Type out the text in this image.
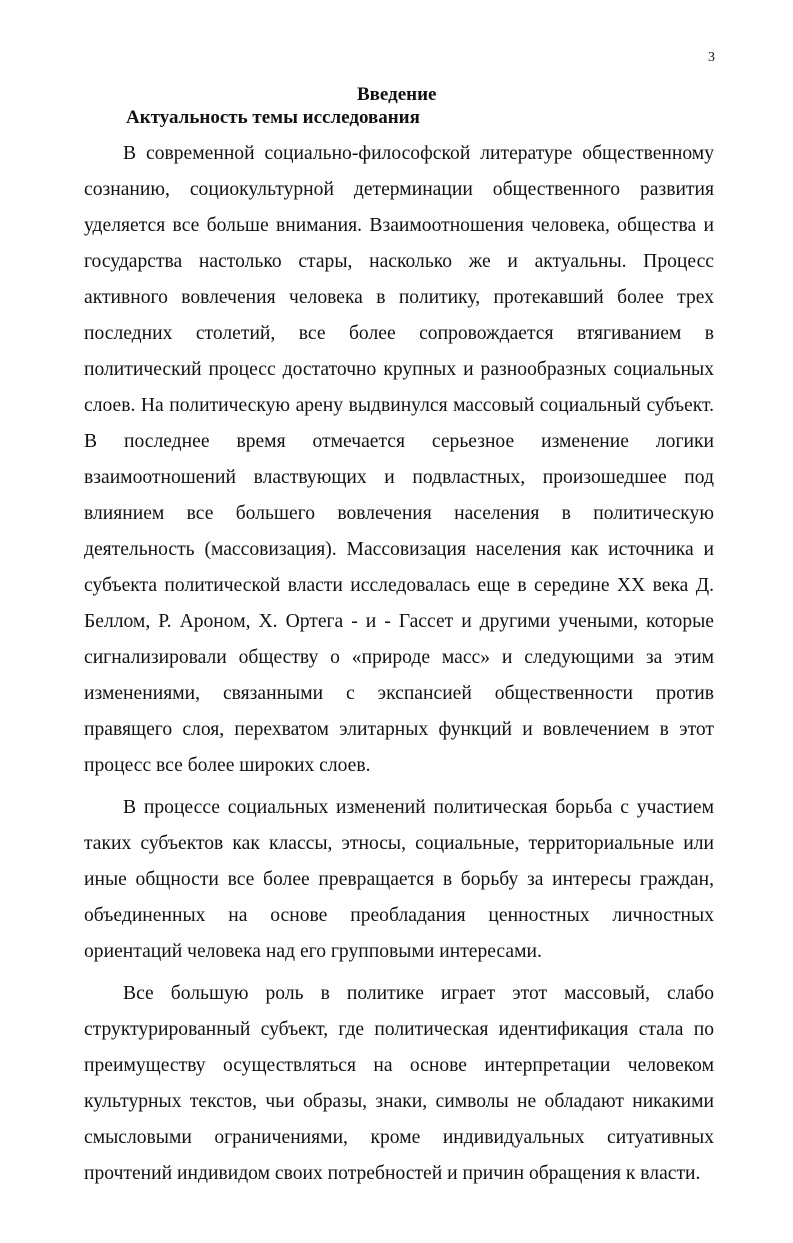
3
Введение
Актуальность темы исследования

В современной социально-философской литературе общественному сознанию, социокультурной детерминации общественного развития уделяется все больше внимания. Взаимоотношения человека, общества и государства настолько стары, насколько же и актуальны. Процесс активного вовлечения человека в политику, протекавший более трех последних столетий, все более сопровождается втягиванием в политический процесс достаточно крупных и разнообразных социальных слоев. На политическую арену выдвинулся массовый социальный субъект. В последнее время отмечается серьезное изменение логики взаимоотношений властвующих и подвластных, произошедшее под влиянием все большего вовлечения населения в политическую деятельность (массовизация). Массовизация населения как источника и субъекта политической власти исследовалась еще в середине XX века Д. Беллом, Р. Ароном, Х. Ортега - и - Гассет и другими учеными, которые сигнализировали обществу о «природе масс» и следующими за этим изменениями, связанными с экспансией общественности против правящего слоя, перехватом элитарных функций и вовлечением в этот процесс все более широких слоев.

В процессе социальных изменений политическая борьба с участием таких субъектов как классы, этносы, социальные, территориальные или иные общности все более превращается в борьбу за интересы граждан, объединенных на основе преобладания ценностных личностных ориентаций человека над его групповыми интересами.

Все большую роль в политике играет этот массовый, слабо структурированный субъект, где политическая идентификация стала по преимуществу осуществляться на основе интерпретации человеком культурных текстов, чьи образы, знаки, символы не обладают никакими смысловыми ограничениями, кроме индивидуальных ситуативных прочтений индивидом своих потребностей и причин обращения к власти.
